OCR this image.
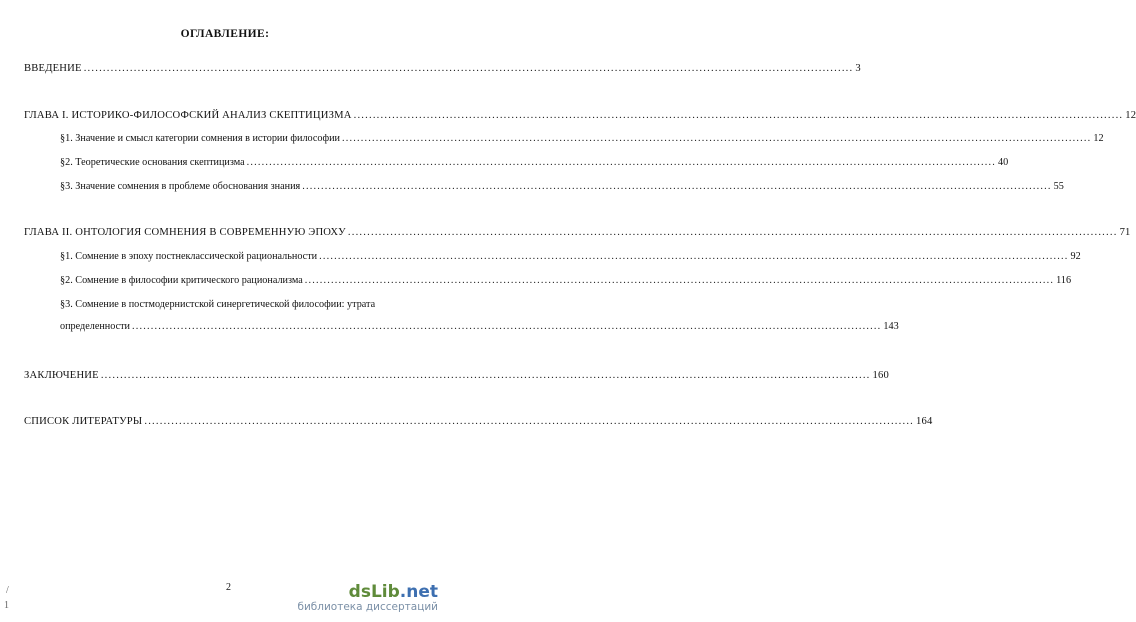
ОГЛАВЛЕНИЕ:
ВВЕДЕНИЕ ........................................................................................................................................................................................................ 3
ГЛАВА I. ИСТОРИКО-ФИЛОСОФСКИЙ АНАЛИЗ СКЕПТИЦИЗМА ........................................................................................................................................................................................................ 12
§1. Значение и смысл категории сомнения в истории философии ........................................................................................................................................................................................................ 12
§2. Теоретические основания скептицизма ........................................................................................................................................................................................................ 40
§3. Значение сомнения в проблеме обоснования знания ........................................................................................................................................................................................................ 55
ГЛАВА II. ОНТОЛОГИЯ СОМНЕНИЯ В СОВРЕМЕННУЮ ЭПОХУ ........................................................................................................................................................................................................ 71
§1. Сомнение в эпоху постнеклассической рациональности ........................................................................................................................................................................................................ 92
§2. Сомнение в философии критического рационализма ........................................................................................................................................................................................................ 116
§3. Сомнение в постмодернистской синергетической философии: утрата
определенности ........................................................................................................................................................................................................ 143
ЗАКЛЮЧЕНИЕ ........................................................................................................................................................................................................ 160
СПИСОК ЛИТЕРАТУРЫ ........................................................................................................................................................................................................ 164
2
/
1
dsLib.net
библиотека диссертаций
